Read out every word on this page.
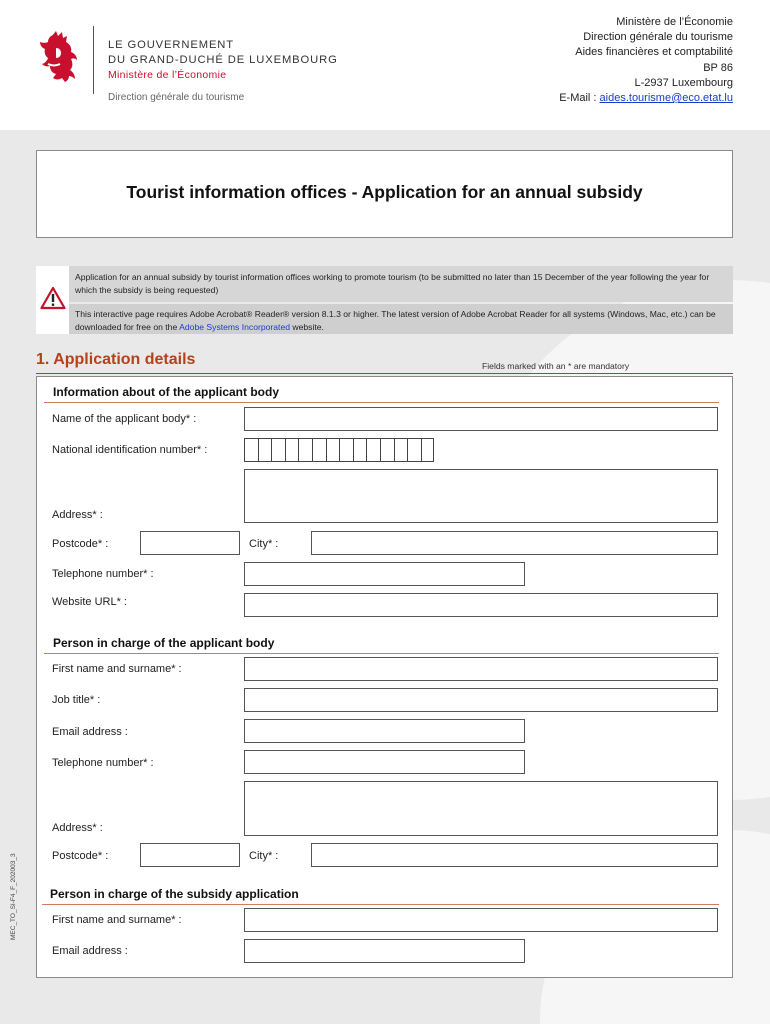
LE GOUVERNEMENT
DU GRAND-DUCHÉ DE LUXEMBOURG
Ministère de l’Économie
Direction générale du tourisme
Ministère de l’Économie
Direction générale du tourisme
Aides financières et comptabilité
BP 86
L-2937 Luxembourg
E-Mail : aides.tourisme@eco.etat.lu
Tourist information offices - Application for an annual subsidy
Application for an annual subsidy by tourist information offices working to promote tourism (to be submitted no later than 15 December of the year following the year for which the subsidy is being requested)
This interactive page requires Adobe Acrobat® Reader® version 8.1.3 or higher. The latest version of Adobe Acrobat Reader for all systems (Windows, Mac, etc.) can be downloaded for free on the Adobe Systems Incorporated website.
1. Application details	Fields marked with an * are mandatory
Information about of the applicant body
Name of the applicant body* :
National identification number* :
Address* :
Postcode* :	City* :
Telephone number* :
Website URL* :
Person in charge of the applicant body
First name and surname* :
Job title* :
Email address :
Telephone number* :
Address* :
Postcode* :	City* :
Person in charge of the subsidy application
First name and surname* :
Email address :
MEC_TO_SI-F4_F_202003_3
